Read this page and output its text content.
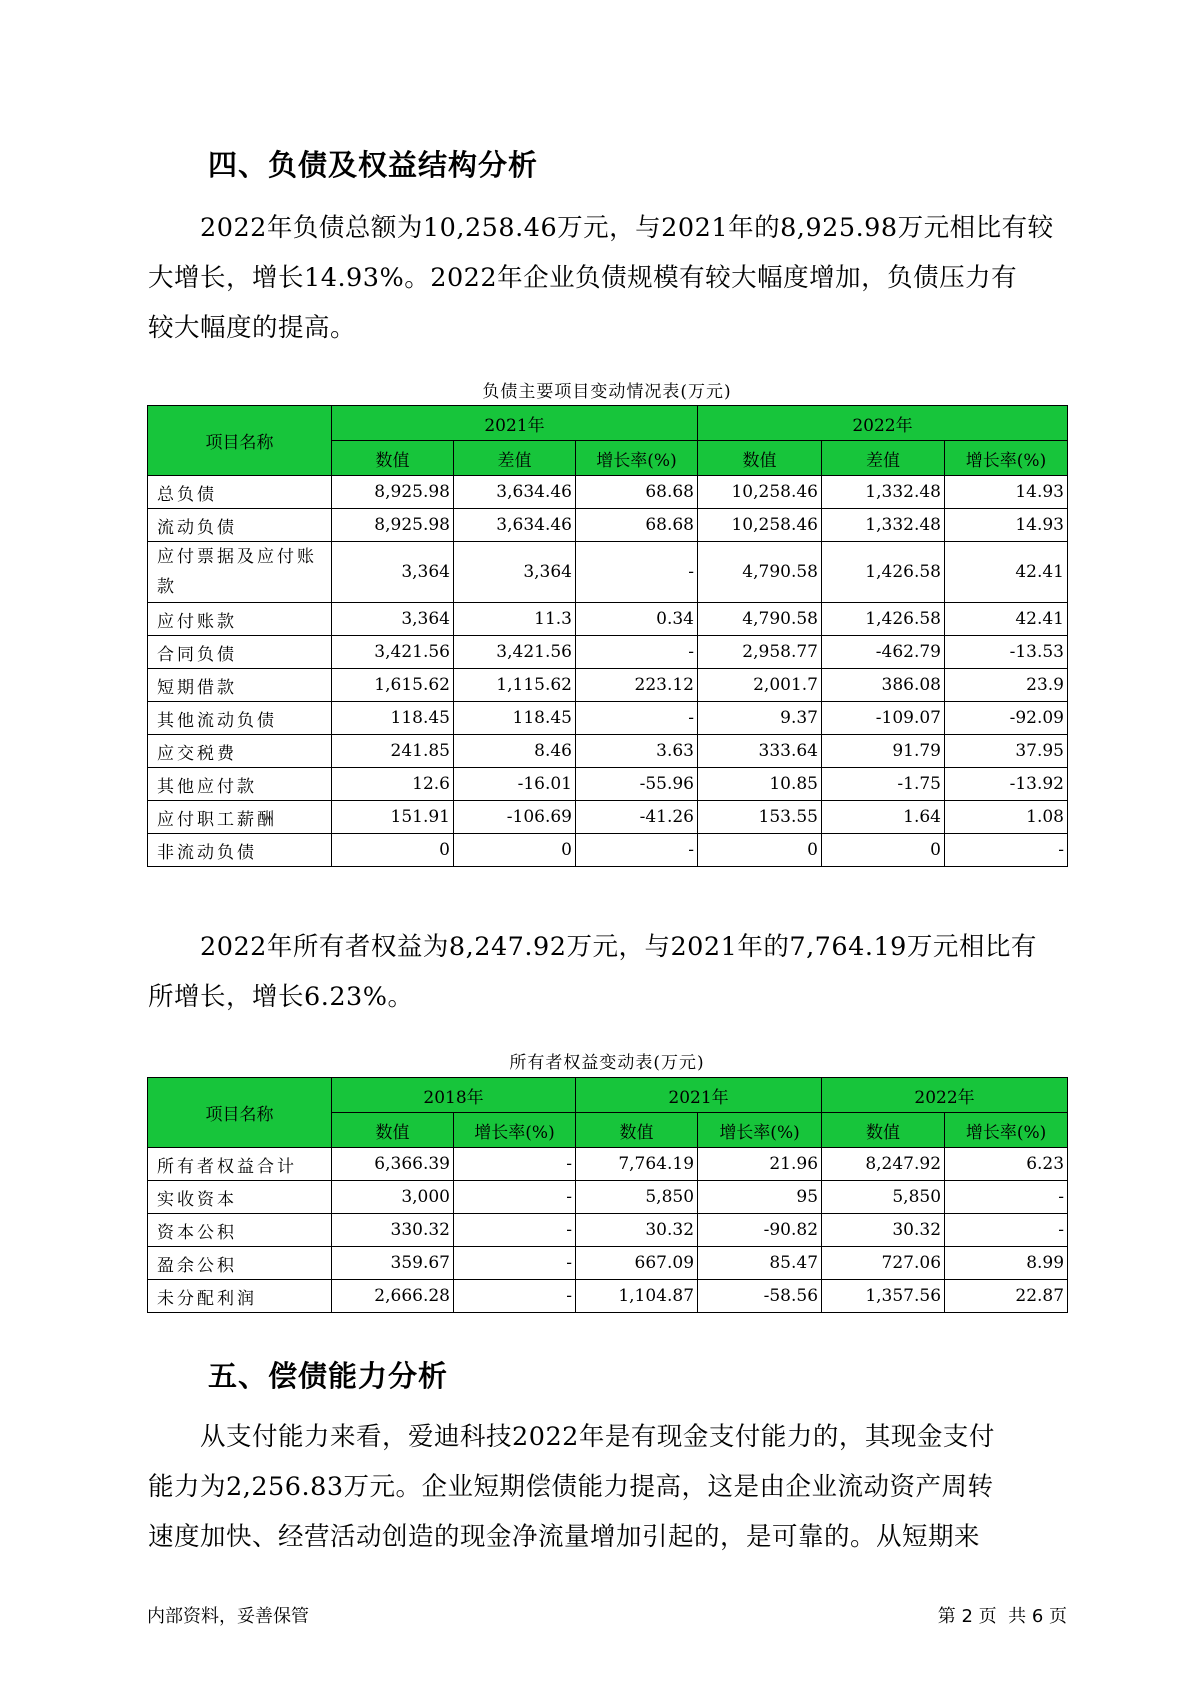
四、负债及权益结构分析
2022年负债总额为10,258.46万元，与2021年的8,925.98万元相比有较
大增长，增长14.93%。2022年企业负债规模有较大幅度增加，负债压力有
较大幅度的提高。
负债主要项目变动情况表(万元)
项目名称	2021年			2022年		
	数值	差值	增长率(%)	数值	差值	增长率(%)
总负债	8,925.98	3,634.46	68.68	10,258.46	1,332.48	14.93
流动负债	8,925.98	3,634.46	68.68	10,258.46	1,332.48	14.93
应付票据及应付账款	3,364	3,364	-	4,790.58	1,426.58	42.41
应付账款	3,364	11.3	0.34	4,790.58	1,426.58	42.41
合同负债	3,421.56	3,421.56	-	2,958.77	-462.79	-13.53
短期借款	1,615.62	1,115.62	223.12	2,001.7	386.08	23.9
其他流动负债	118.45	118.45	-	9.37	-109.07	-92.09
应交税费	241.85	8.46	3.63	333.64	91.79	37.95
其他应付款	12.6	-16.01	-55.96	10.85	-1.75	-13.92
应付职工薪酬	151.91	-106.69	-41.26	153.55	1.64	1.08
非流动负债	0	0	-	0	0	-
2022年所有者权益为8,247.92万元，与2021年的7,764.19万元相比有
所增长，增长6.23%。
所有者权益变动表(万元)
项目名称	2018年		2021年		2022年	
	数值	增长率(%)	数值	增长率(%)	数值	增长率(%)
所有者权益合计	6,366.39	-	7,764.19	21.96	8,247.92	6.23
实收资本	3,000	-	5,850	95	5,850	-
资本公积	330.32	-	30.32	-90.82	30.32	-
盈余公积	359.67	-	667.09	85.47	727.06	8.99
未分配利润	2,666.28	-	1,104.87	-58.56	1,357.56	22.87
五、偿债能力分析
从支付能力来看，爱迪科技2022年是有现金支付能力的，其现金支付
能力为2,256.83万元。企业短期偿债能力提高，这是由企业流动资产周转
速度加快、经营活动创造的现金净流量增加引起的，是可靠的。从短期来
内部资料，妥善保管	第 2 页  共 6 页
